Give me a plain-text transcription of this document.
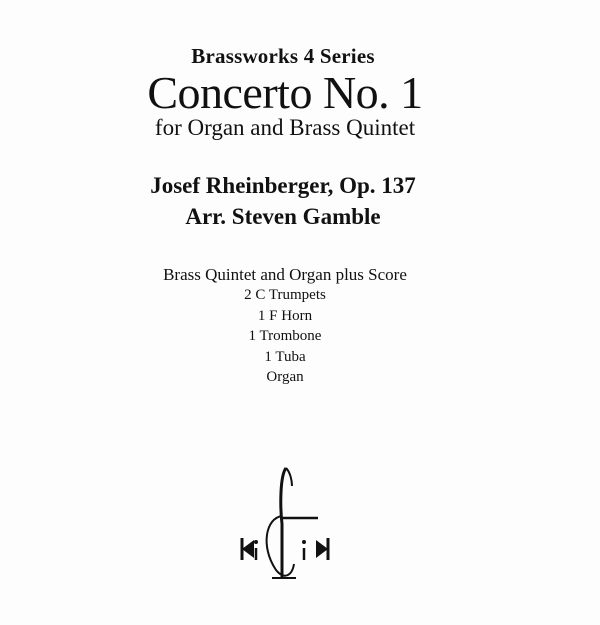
Brassworks 4 Series
Concerto No. 1
for Organ and Brass Quintet
Josef Rheinberger, Op. 137
Arr. Steven Gamble
Brass Quintet and Organ plus Score
2 C Trumpets
1 F Horn
1 Trombone
1 Tuba
Organ
